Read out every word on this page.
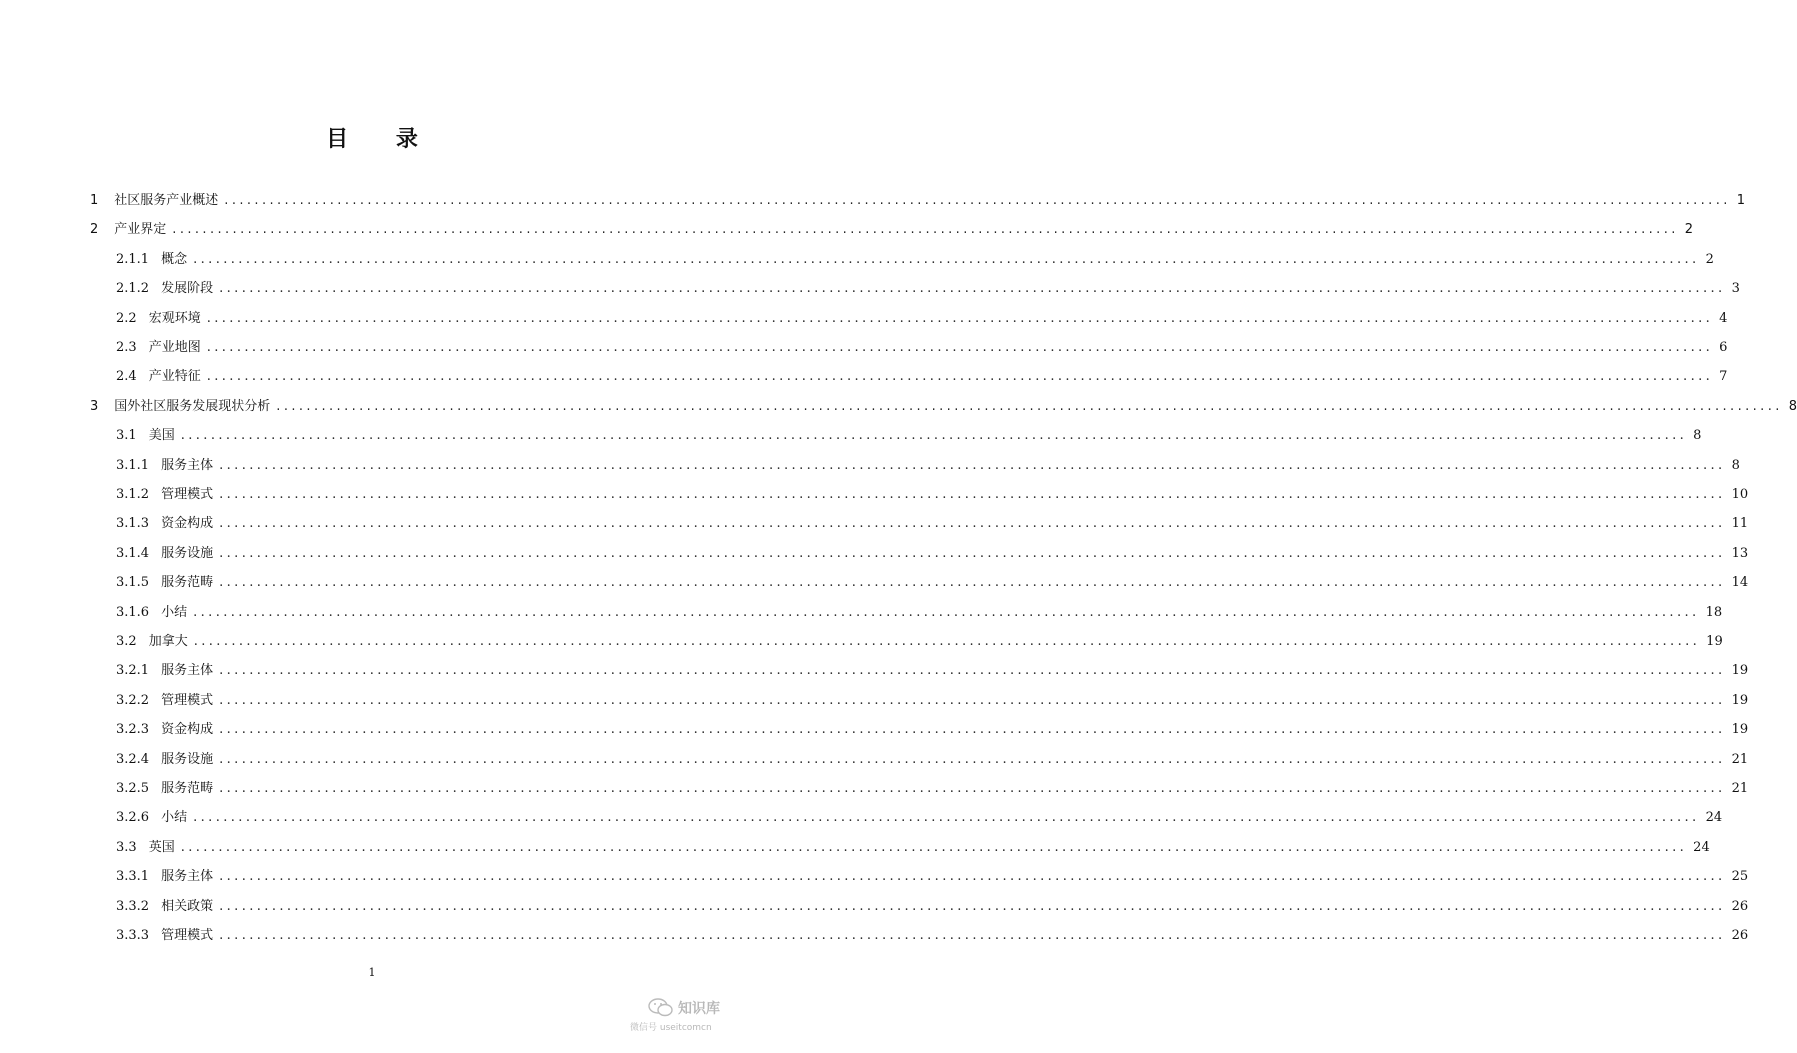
目 录
1 社区服务产业概述 ........................................................................................................................................................................................................ 1
2 产业界定 ........................................................................................................................................................................................................ 2
2.1.1 概念 ........................................................................................................................................................................................................ 2
2.1.2 发展阶段 ........................................................................................................................................................................................................ 3
2.2 宏观环境 ........................................................................................................................................................................................................ 4
2.3 产业地图 ........................................................................................................................................................................................................ 6
2.4 产业特征 ........................................................................................................................................................................................................ 7
3 国外社区服务发展现状分析 ........................................................................................................................................................................................................ 8
3.1 美国 ........................................................................................................................................................................................................ 8
3.1.1 服务主体 ........................................................................................................................................................................................................ 8
3.1.2 管理模式 ........................................................................................................................................................................................................ 10
3.1.3 资金构成 ........................................................................................................................................................................................................ 11
3.1.4 服务设施 ........................................................................................................................................................................................................ 13
3.1.5 服务范畴 ........................................................................................................................................................................................................ 14
3.1.6 小结 ........................................................................................................................................................................................................ 18
3.2 加拿大 ........................................................................................................................................................................................................ 19
3.2.1 服务主体 ........................................................................................................................................................................................................ 19
3.2.2 管理模式 ........................................................................................................................................................................................................ 19
3.2.3 资金构成 ........................................................................................................................................................................................................ 19
3.2.4 服务设施 ........................................................................................................................................................................................................ 21
3.2.5 服务范畴 ........................................................................................................................................................................................................ 21
3.2.6 小结 ........................................................................................................................................................................................................ 24
3.3 英国 ........................................................................................................................................................................................................ 24
3.3.1 服务主体 ........................................................................................................................................................................................................ 25
3.3.2 相关政策 ........................................................................................................................................................................................................ 26
3.3.3 管理模式 ........................................................................................................................................................................................................ 26
1
知识库
微信号 useitcomcn
